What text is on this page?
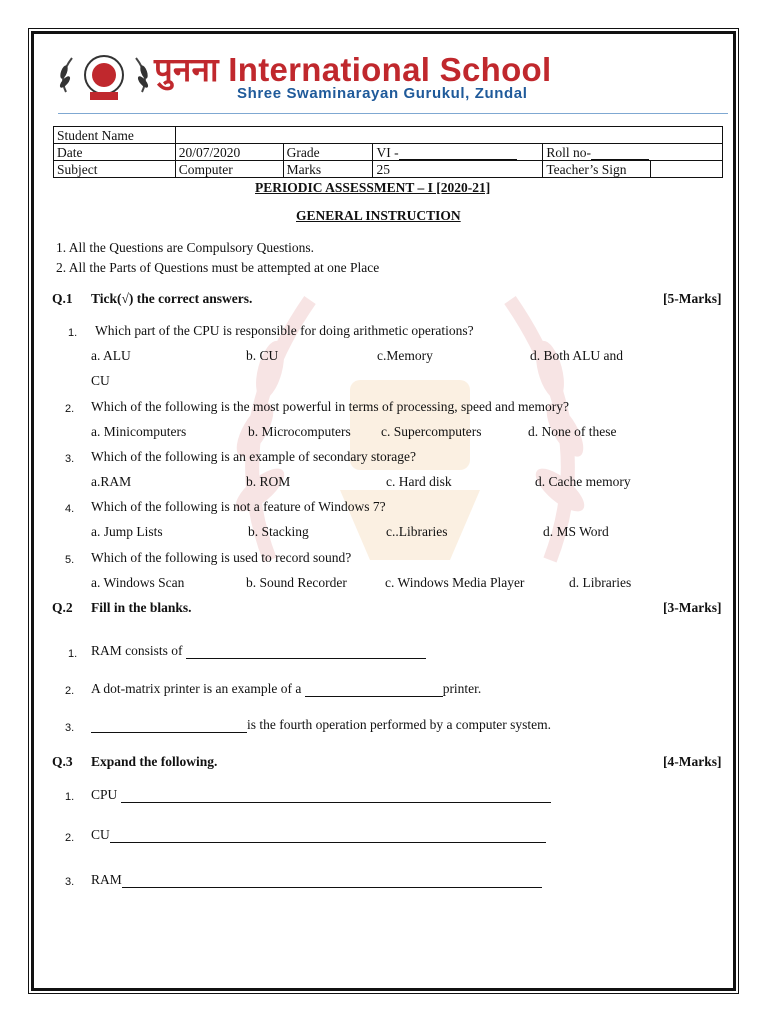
पुनना International School
Shree Swaminarayan Gurukul, Zundal
Student Name					
Date	20/07/2020	Grade	VI -	Roll no-	
Subject	Computer	Marks	25	Teacher’s Sign	
PERIODIC ASSESSMENT – I [2020-21]
GENERAL INSTRUCTION
1. All the Questions are Compulsory Questions.
2. All the Parts of Questions must be attempted at one Place
Q.1 Tick(√) the correct answers.	[5-Marks]
1. Which part of the CPU is responsible for doing arithmetic operations?
a. ALU	b. CU	c.Memory	d. Both ALU and
CU
2. Which of the following is the most powerful in terms of processing, speed and memory?
a. Minicomputers	b. Microcomputers c. Supercomputers	d. None of these
3. Which of the following is an example of secondary storage?
a.RAM	b. ROM	c. Hard disk	d. Cache memory
4. Which of the following is not a feature of Windows 7?
a. Jump Lists	b. Stacking	c..Libraries	d. MS Word
5. Which of the following is used to record sound?
a. Windows Scan	b. Sound Recorder	c. Windows Media Player	d. Libraries
Q.2 Fill in the blanks.	[3-Marks]
1. RAM consists of
2. A dot-matrix printer is an example of a	printer.
3.	is the fourth operation performed by a computer system.
Q.3 Expand the following.	[4-Marks]
1. CPU
2. CU
3. RAM
